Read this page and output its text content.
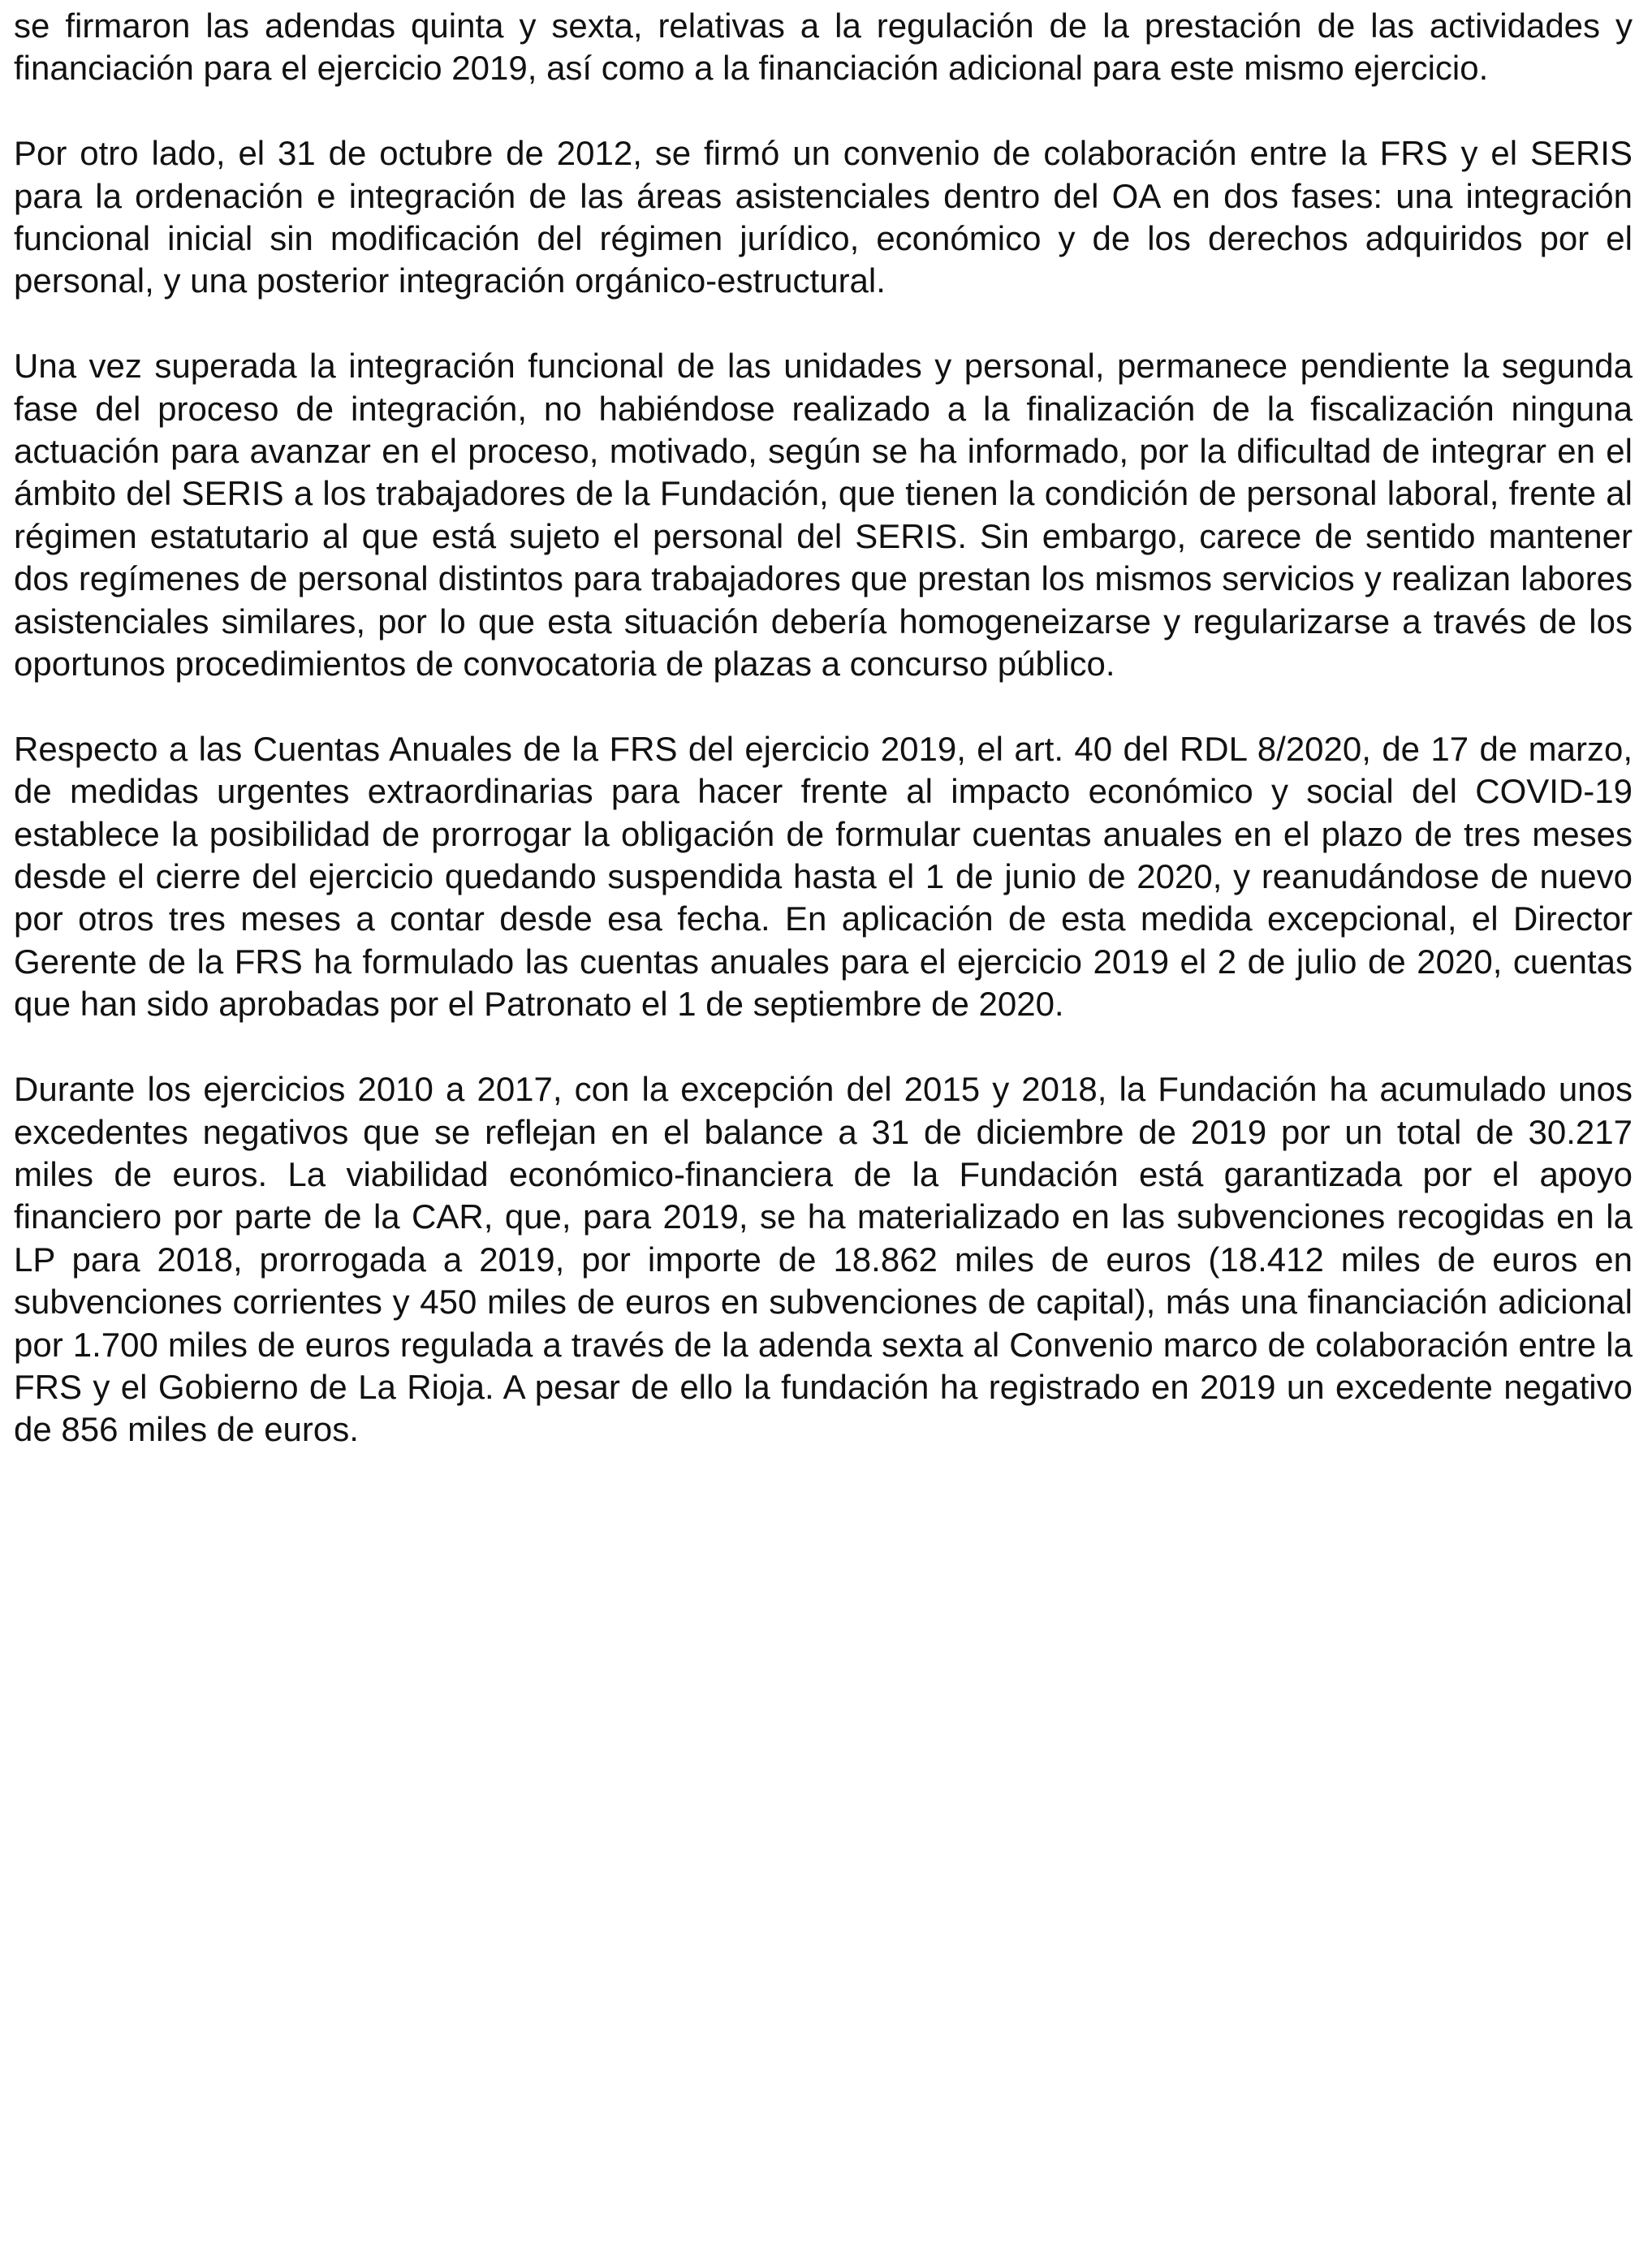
se firmaron las adendas quinta y sexta, relativas a la regulación de la prestación de las actividades y financiación para el ejercicio 2019, así como a la financiación adicional para este mismo ejercicio.

Por otro lado, el 31 de octubre de 2012, se firmó un convenio de colaboración entre la FRS y el SERIS para la ordenación e integración de las áreas asistenciales dentro del OA en dos fases: una integración funcional inicial sin modificación del régimen jurídico, económico y de los derechos adquiridos por el personal, y una posterior integración orgánico-estructural.

Una vez superada la integración funcional de las unidades y personal, permanece pendiente la segunda fase del proceso de integración, no habiéndose realizado a la finalización de la fiscalización ninguna actuación para avanzar en el proceso, motivado, según se ha informado, por la dificultad de integrar en el ámbito del SERIS a los trabajadores de la Fundación, que tienen la condición de personal laboral, frente al régimen estatutario al que está sujeto el personal del SERIS. Sin embargo, carece de sentido mantener dos regímenes de personal distintos para trabajadores que prestan los mismos servicios y realizan labores asistenciales similares, por lo que esta situación debería homogeneizarse y regularizarse a través de los oportunos procedimientos de convocatoria de plazas a concurso público.

Respecto a las Cuentas Anuales de la FRS del ejercicio 2019, el art. 40 del RDL 8/2020, de 17 de marzo, de medidas urgentes extraordinarias para hacer frente al impacto económico y social del COVID-19 establece la posibilidad de prorrogar la obligación de formular cuentas anuales en el plazo de tres meses desde el cierre del ejercicio quedando suspendida hasta el 1 de junio de 2020, y reanudándose de nuevo por otros tres meses a contar desde esa fecha. En aplicación de esta medida excepcional, el Director Gerente de la FRS ha formulado las cuentas anuales para el ejercicio 2019 el 2 de julio de 2020, cuentas que han sido aprobadas por el Patronato el 1 de septiembre de 2020.

Durante los ejercicios 2010 a 2017, con la excepción del 2015 y 2018, la Fundación ha acumulado unos excedentes negativos que se reflejan en el balance a 31 de diciembre de 2019 por un total de 30.217 miles de euros. La viabilidad económico-financiera de la Fundación está garantizada por el apoyo financiero por parte de la CAR, que, para 2019, se ha materializado en las subvenciones recogidas en la LP para 2018, prorrogada a 2019, por importe de 18.862 miles de euros (18.412 miles de euros en subvenciones corrientes y 450 miles de euros en subvenciones de capital), más una financiación adicional por 1.700 miles de euros regulada a través de la adenda sexta al Convenio marco de colaboración entre la FRS y el Gobierno de La Rioja. A pesar de ello la fundación ha registrado en 2019 un excedente negativo de 856 miles de euros.
